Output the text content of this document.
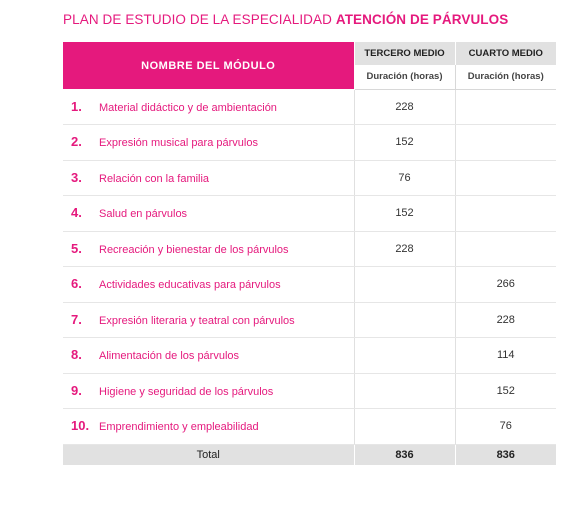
PLAN DE ESTUDIO DE LA ESPECIALIDAD ATENCIÓN DE PÁRVULOS
NOMBRE DEL MÓDULO	TERCERO MEDIO	CUARTO MEDIO
	Duración (horas)	Duración (horas)
1. Material didáctico y de ambientación	228	
2. Expresión musical para párvulos	152	
3. Relación con la familia	76	
4. Salud en párvulos	152	
5. Recreación y bienestar de los párvulos	228	
6. Actividades educativas para párvulos		266
7. Expresión literaria y teatral con párvulos		228
8. Alimentación de los párvulos		114
9. Higiene y seguridad de los párvulos		152
10. Emprendimiento y empleabilidad		76
Total	836	836
